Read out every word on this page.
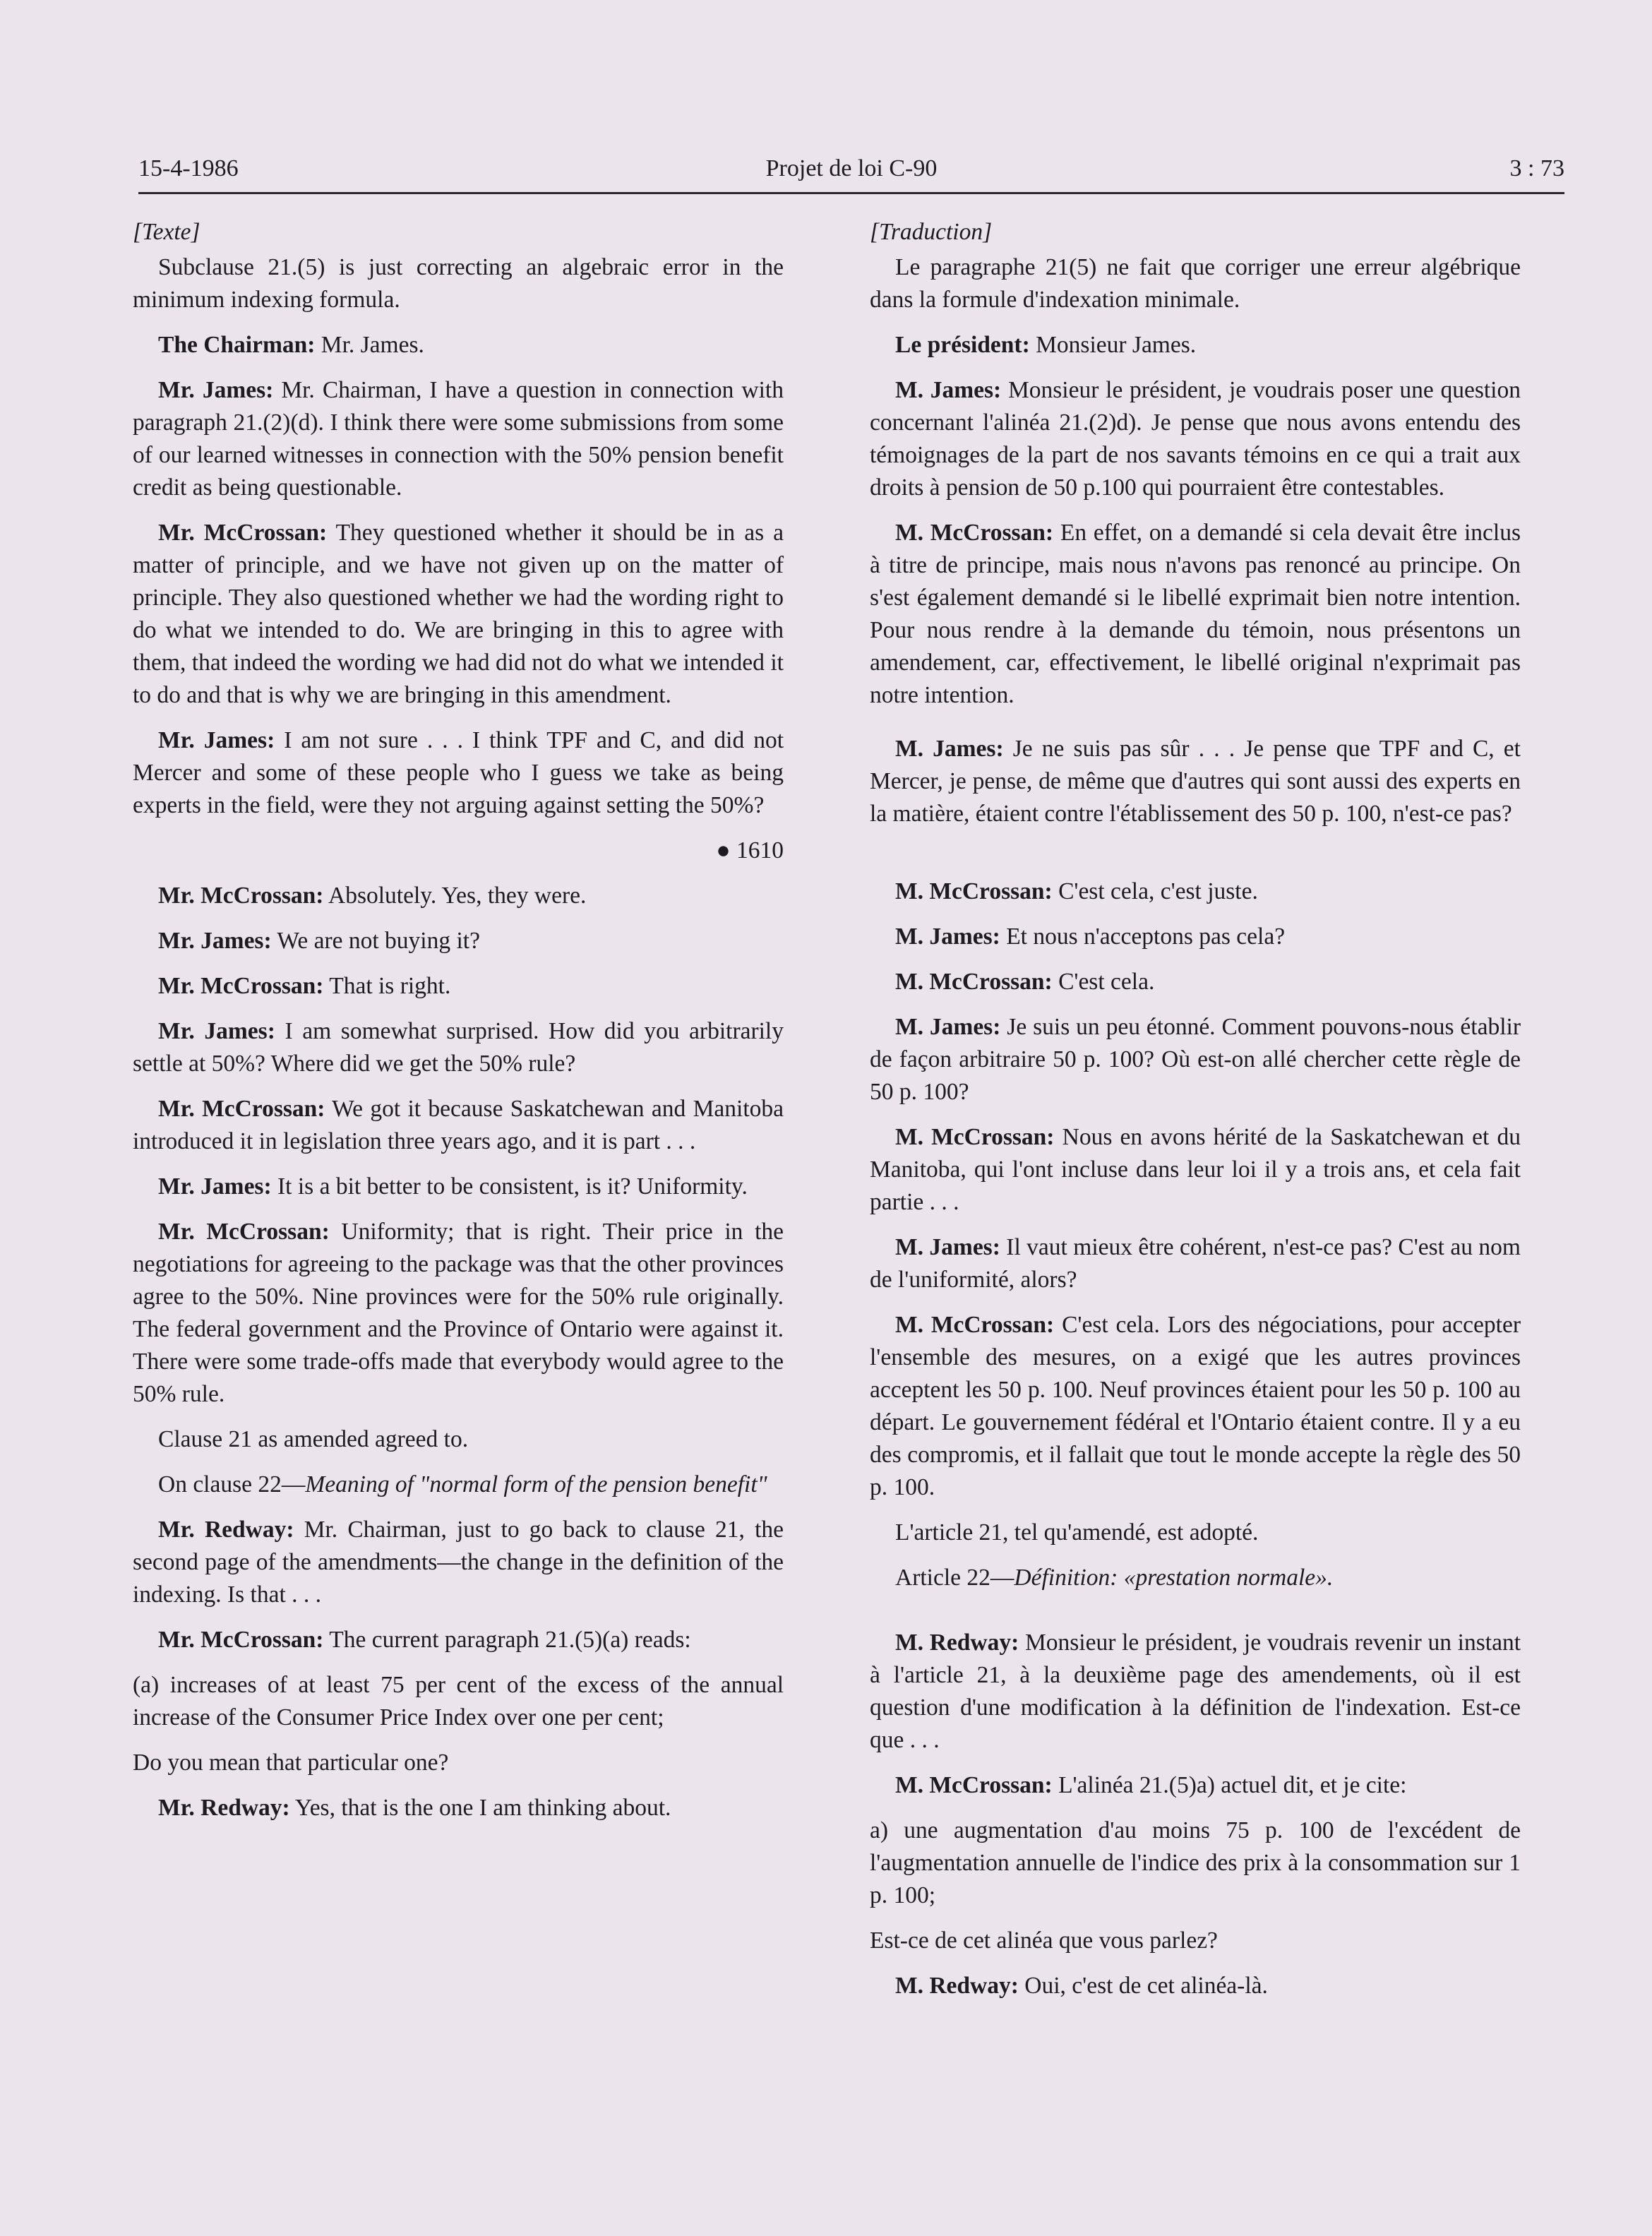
15-4-1986	Projet de loi C-90	3 : 73
[Texte]

Subclause 21.(5) is just correcting an algebraic error in the minimum indexing formula.

The Chairman: Mr. James.

Mr. James: Mr. Chairman, I have a question in connection with paragraph 21.(2)(d). I think there were some submissions from some of our learned witnesses in connection with the 50% pension benefit credit as being questionable.

Mr. McCrossan: They questioned whether it should be in as a matter of principle, and we have not given up on the matter of principle. They also questioned whether we had the wording right to do what we intended to do. We are bringing in this to agree with them, that indeed the wording we had did not do what we intended it to do and that is why we are bringing in this amendment.

Mr. James: I am not sure . . . I think TPF and C, and did not Mercer and some of these people who I guess we take as being experts in the field, were they not arguing against setting the 50%?

● 1610

Mr. McCrossan: Absolutely. Yes, they were.

Mr. James: We are not buying it?

Mr. McCrossan: That is right.

Mr. James: I am somewhat surprised. How did you arbitrarily settle at 50%? Where did we get the 50% rule?

Mr. McCrossan: We got it because Saskatchewan and Manitoba introduced it in legislation three years ago, and it is part . . .

Mr. James: It is a bit better to be consistent, is it? Uniformity.

Mr. McCrossan: Uniformity; that is right. Their price in the negotiations for agreeing to the package was that the other provinces agree to the 50%. Nine provinces were for the 50% rule originally. The federal government and the Province of Ontario were against it. There were some trade-offs made that everybody would agree to the 50% rule.

Clause 21 as amended agreed to.

On clause 22—Meaning of "normal form of the pension benefit"

Mr. Redway: Mr. Chairman, just to go back to clause 21, the second page of the amendments—the change in the definition of the indexing. Is that . . .

Mr. McCrossan: The current paragraph 21.(5)(a) reads:

(a) increases of at least 75 per cent of the excess of the annual increase of the Consumer Price Index over one per cent;

Do you mean that particular one?

Mr. Redway: Yes, that is the one I am thinking about.

[Traduction]

Le paragraphe 21(5) ne fait que corriger une erreur algébrique dans la formule d'indexation minimale.

Le président: Monsieur James.

M. James: Monsieur le président, je voudrais poser une question concernant l'alinéa 21.(2)d). Je pense que nous avons entendu des témoignages de la part de nos savants témoins en ce qui a trait aux droits à pension de 50 p.100 qui pourraient être contestables.

M. McCrossan: En effet, on a demandé si cela devait être inclus à titre de principe, mais nous n'avons pas renoncé au principe. On s'est également demandé si le libellé exprimait bien notre intention. Pour nous rendre à la demande du témoin, nous présentons un amendement, car, effectivement, le libellé original n'exprimait pas notre intention.

M. James: Je ne suis pas sûr . . . Je pense que TPF and C, et Mercer, je pense, de même que d'autres qui sont aussi des experts en la matière, étaient contre l'établissement des 50 p. 100, n'est-ce pas?

M. McCrossan: C'est cela, c'est juste.

M. James: Et nous n'acceptons pas cela?

M. McCrossan: C'est cela.

M. James: Je suis un peu étonné. Comment pouvons-nous établir de façon arbitraire 50 p. 100? Où est-on allé chercher cette règle de 50 p. 100?

M. McCrossan: Nous en avons hérité de la Saskatchewan et du Manitoba, qui l'ont incluse dans leur loi il y a trois ans, et cela fait partie . . .

M. James: Il vaut mieux être cohérent, n'est-ce pas? C'est au nom de l'uniformité, alors?

M. McCrossan: C'est cela. Lors des négociations, pour accepter l'ensemble des mesures, on a exigé que les autres provinces acceptent les 50 p. 100. Neuf provinces étaient pour les 50 p. 100 au départ. Le gouvernement fédéral et l'Ontario étaient contre. Il y a eu des compromis, et il fallait que tout le monde accepte la règle des 50 p. 100.

L'article 21, tel qu'amendé, est adopté.

Article 22—Définition: «prestation normale».

M. Redway: Monsieur le président, je voudrais revenir un instant à l'article 21, à la deuxième page des amendements, où il est question d'une modification à la définition de l'indexation. Est-ce que . . .

M. McCrossan: L'alinéa 21.(5)a) actuel dit, et je cite:

a) une augmentation d'au moins 75 p. 100 de l'excédent de l'augmentation annuelle de l'indice des prix à la consommation sur 1 p. 100;

Est-ce de cet alinéa que vous parlez?

M. Redway: Oui, c'est de cet alinéa-là.
